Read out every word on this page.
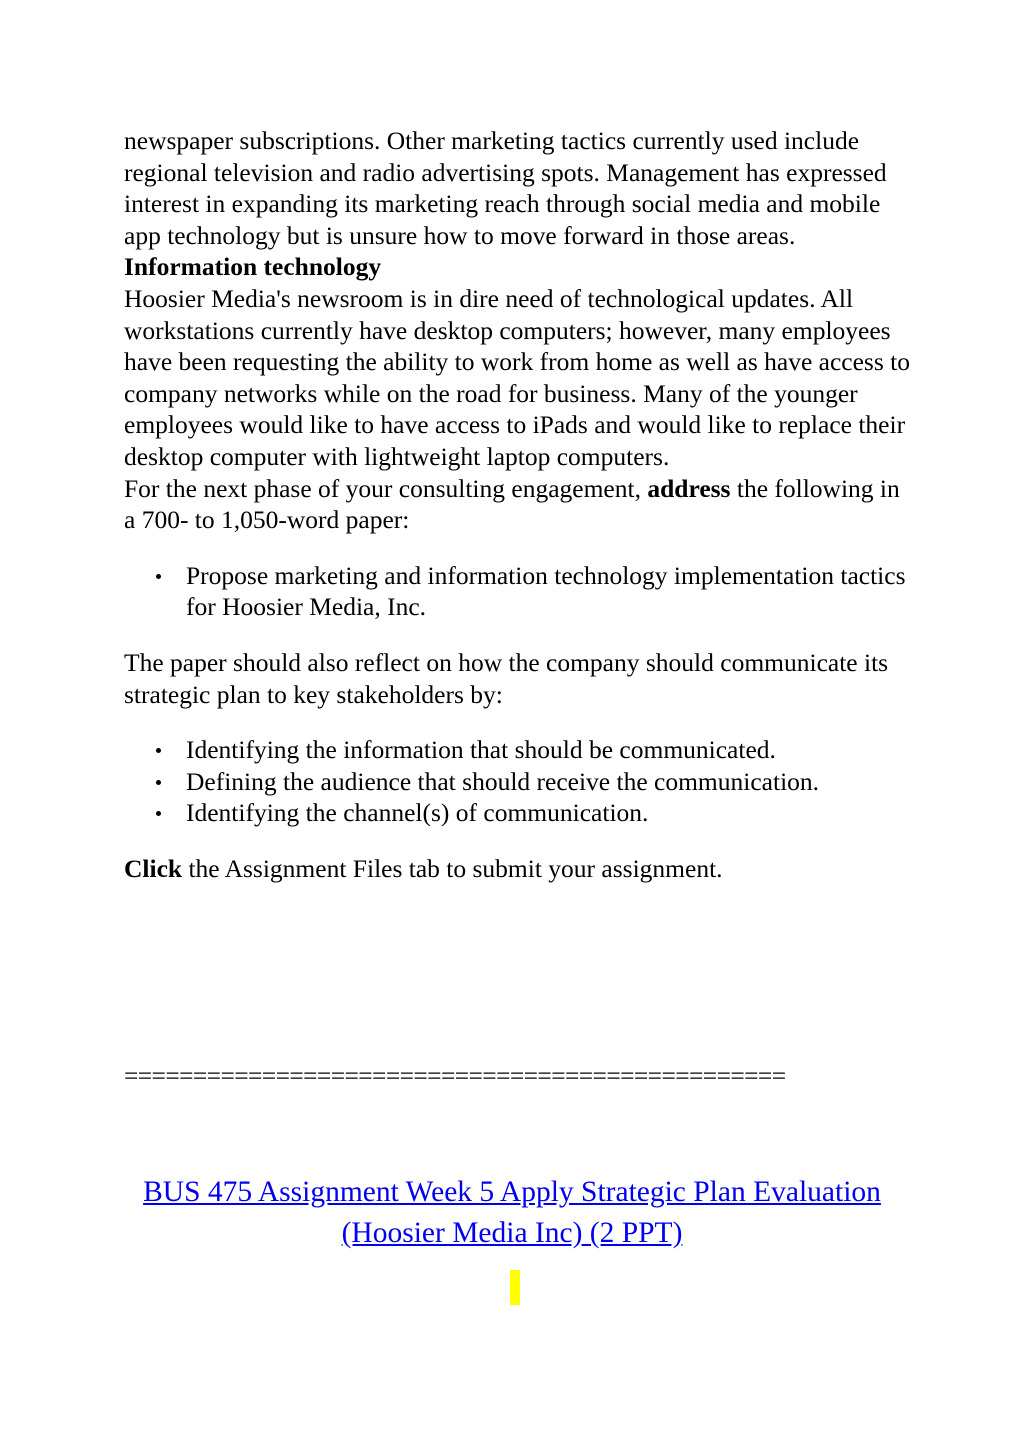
newspaper subscriptions. Other marketing tactics currently used include regional television and radio advertising spots. Management has expressed interest in expanding its marketing reach through social media and mobile app technology but is unsure how to move forward in those areas.

Information technology

Hoosier Media's newsroom is in dire need of technological updates. All workstations currently have desktop computers; however, many employees have been requesting the ability to work from home as well as have access to company networks while on the road for business. Many of the younger employees would like to have access to iPads and would like to replace their desktop computer with lightweight laptop computers.

For the next phase of your consulting engagement, address the following in a 700- to 1,050-word paper:

Propose marketing and information technology implementation tactics for Hoosier Media, Inc.

The paper should also reflect on how the company should communicate its strategic plan to key stakeholders by:

Identifying the information that should be communicated.
Defining the audience that should receive the communication.
Identifying the channel(s) of communication.

Click the Assignment Files tab to submit your assignment.

================================================
BUS 475 Assignment Week 5 Apply Strategic Plan Evaluation (Hoosier Media Inc) (2 PPT)
